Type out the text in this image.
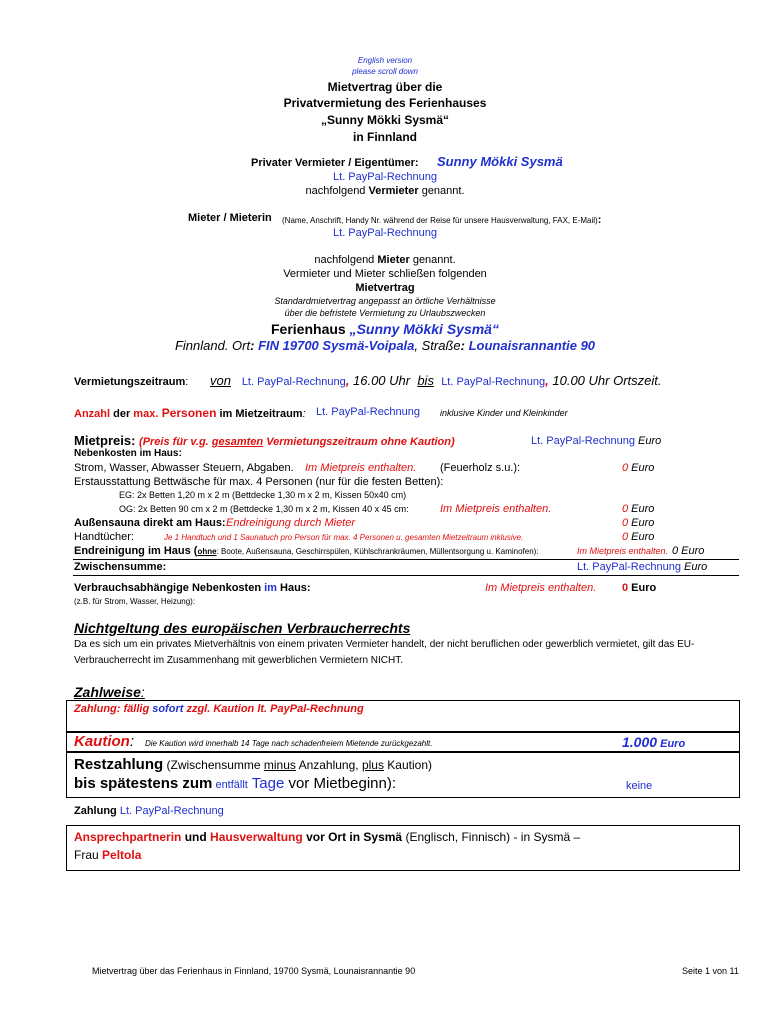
English version
please scroll down
Mietvertrag über die
Privatvermietung des Ferienhauses
„Sunny Mökki Sysmä“
in Finnland
Privater Vermieter / Eigentümer: Sunny Mökki Sysmä
Lt. PayPal-Rechnung
nachfolgend Vermieter genannt.
Mieter / Mieterin (Name, Anschrift, Handy Nr. während der Reise für unsere Hausverwaltung, FAX, E-Mail):
Lt. PayPal-Rechnung
nachfolgend Mieter genannt.
Vermieter und Mieter schließen folgenden
Mietvertrag
Standardmietvertrag angepasst an örtliche Verhältnisse
über die befristete Vermietung zu Urlaubszwecken
Ferienhaus „Sunny Mökki Sysmä“
Finnland. Ort: FIN 19700 Sysmä-Voipala, Straße: Lounaisrannantie 90
Vermietungszeitraum: von Lt. PayPal-Rechnung, 16.00 Uhr bis Lt. PayPal-Rechnung, 10.00 Uhr Ortszeit.
Anzahl der max. Personen im Mietzeitraum: Lt. PayPal-Rechnung inklusive Kinder und Kleinkinder
Mietpreis: (Preis für v.g. gesamten Vermietungszeitraum ohne Kaution)	Lt. PayPal-Rechnung Euro
Nebenkosten im Haus:
Strom, Wasser, Abwasser Steuern, Abgaben. Im Mietpreis enthalten. (Feuerholz s.u.):	0 Euro
Erstausstattung Bettwäsche für max. 4 Personen (nur für die festen Betten):
EG: 2x Betten 1,20 m x 2 m (Bettdecke 1,30 m x 2 m, Kissen 50x40 cm)
OG: 2x Betten 90 cm x 2 m (Bettdecke 1,30 m x 2 m, Kissen 40 x 45 cm:	Im Mietpreis enthalten.	0 Euro
Außensauna direkt am Haus: Endreinigung durch Mieter	0 Euro
Handtücher:	Je 1 Handtuch und 1 Saunatuch pro Person für max. 4 Personen u. gesamten Mietzeitraum inklusive.	0 Euro
Endreinigung im Haus (ohne: Boote, Außensauna, Geschirrspülen, Kühlschrankräumen, Müllentsorgung u. Kaminofen):	Im Mietpreis enthalten. 0 Euro
Zwischensumme:	Lt. PayPal-Rechnung Euro
Verbrauchsabhängige Nebenkosten im Haus:	Im Mietpreis enthalten. 0 Euro
(z.B. für Strom, Wasser, Heizung):
Nichtgeltung des europäischen Verbraucherrechts
Da es sich um ein privates Mietverhältnis von einem privaten Vermieter handelt, der nicht beruflichen oder gewerblich vermietet, gilt das EU-
Verbraucherrecht im Zusammenhang mit gewerblichen Vermietern NICHT.
Zahlweise:
Zahlung: fällig sofort zzgl. Kaution lt. PayPal-Rechnung
Kaution: Die Kaution wird innerhalb 14 Tage nach schadenfreiem Mietende zurückgezahlt.	1.000 Euro
Restzahlung (Zwischensumme minus Anzahlung, plus Kaution)
bis spätestens zum entfällt Tage vor Mietbeginn):	keine
Zahlung Lt. PayPal-Rechnung
Ansprechpartnerin und Hausverwaltung vor Ort in Sysmä (Englisch, Finnisch) - in Sysmä –
Frau Peltola
Mietvertrag über das Ferienhaus in Finnland, 19700 Sysmä, Lounaisrannantie 90	Seite 1 von 11
